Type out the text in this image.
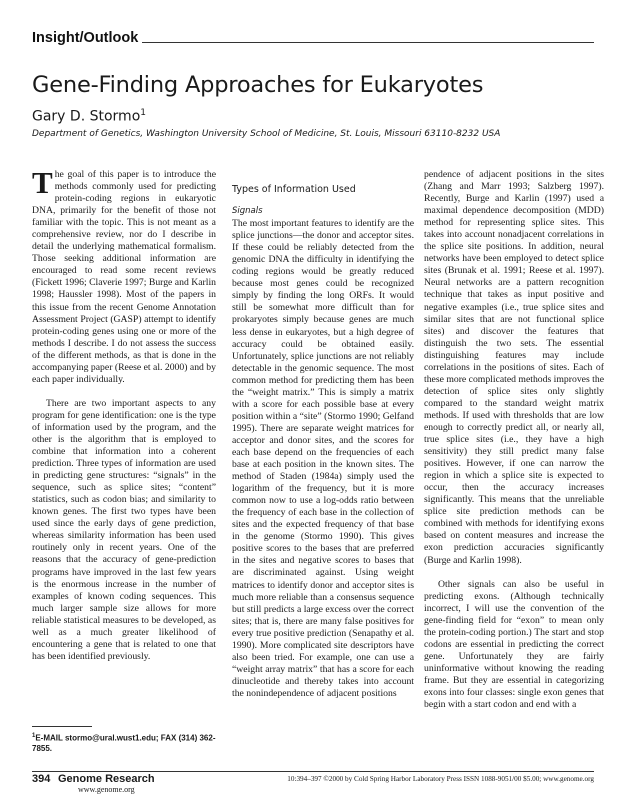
Insight/Outlook
Gene-Finding Approaches for Eukaryotes
Gary D. Stormo$^1$
Department of Genetics, Washington University School of Medicine, St. Louis, Missouri 63110-8232 USA

The goal of this paper is to introduce the methods commonly used for predicting protein-coding regions in eukaryotic DNA, primarily for the benefit of those not familiar with the topic. This is not meant as a comprehensive review, nor do I describe in detail the underlying mathematical formalism. Those seeking additional information are encouraged to read some recent reviews (Fickett 1996; Claverie 1997; Burge and Karlin 1998; Haussler 1998). Most of the papers in this issue from the recent Genome Annotation Assessment Project (GASP) attempt to identify protein-coding genes using one or more of the methods I describe. I do not assess the success of the different methods, as that is done in the accompanying paper (Reese et al. 2000) and by each paper individually.

There are two important aspects to any program for gene identification: one is the type of information used by the program, and the other is the algorithm that is employed to combine that information into a coherent prediction. Three types of information are used in predicting gene structures: “signals” in the sequence, such as splice sites; “content” statistics, such as codon bias; and similarity to known genes. The first two types have been used since the early days of gene prediction, whereas similarity information has been used routinely only in recent years. One of the reasons that the accuracy of gene-prediction programs have improved in the last few years is the enormous increase in the number of examples of known coding sequences. This much larger sample size allows for more reliable statistical measures to be developed, as well as a much greater likelihood of encountering a gene that is related to one that has been identified previously.

$^1$E-MAIL stormo@ural.wust1.edu; FAX (314) 362-7855.
Types of Information Used
Signals

The most important features to identify are the splice junctions—the donor and acceptor sites. If these could be reliably detected from the genomic DNA the difficulty in identifying the coding regions would be greatly reduced because most genes could be recognized simply by finding the long ORFs. It would still be somewhat more difficult than for prokaryotes simply because genes are much less dense in eukaryotes, but a high degree of accuracy could be obtained easily. Unfortunately, splice junctions are not reliably detectable in the genomic sequence. The most common method for predicting them has been the “weight matrix.” This is simply a matrix with a score for each possible base at every position within a “site” (Stormo 1990; Gelfand 1995). There are separate weight matrices for acceptor and donor sites, and the scores for each base depend on the frequencies of each base at each position in the known sites. The method of Staden (1984a) simply used the logarithm of the frequency, but it is more common now to use a log-odds ratio between the frequency of each base in the collection of sites and the expected frequency of that base in the genome (Stormo 1990). This gives positive scores to the bases that are preferred in the sites and negative scores to bases that are discriminated against. Using weight matrices to identify donor and acceptor sites is much more reliable than a consensus sequence but still predicts a large excess over the correct sites; that is, there are many false positives for every true positive prediction (Senapathy et al. 1990). More complicated site descriptors have also been tried. For example, one can use a “weight array matrix” that has a score for each dinucleotide and thereby takes into account the nonindependence of adjacent positions

pendence of adjacent positions in the sites (Zhang and Marr 1993; Salzberg 1997). Recently, Burge and Karlin (1997) used a maximal dependence decomposition (MDD) method for representing splice sites. This takes into account nonadjacent correlations in the splice site positions. In addition, neural networks have been employed to detect splice sites (Brunak et al. 1991; Reese et al. 1997). Neural networks are a pattern recognition technique that takes as input positive and negative examples (i.e., true splice sites and similar sites that are not functional splice sites) and discover the features that distinguish the two sets. The essential distinguishing features may include correlations in the positions of sites. Each of these more complicated methods improves the detection of splice sites only slightly compared to the standard weight matrix methods. If used with thresholds that are low enough to correctly predict all, or nearly all, true splice sites (i.e., they have a high sensitivity) they still predict many false positives. However, if one can narrow the region in which a splice site is expected to occur, then the accuracy increases significantly. This means that the unreliable splice site prediction methods can be combined with methods for identifying exons based on content measures and increase the exon prediction accuracies significantly (Burge and Karlin 1998).

Other signals can also be useful in predicting exons. (Although technically incorrect, I will use the convention of the gene-finding field for “exon” to mean only the protein-coding portion.) The start and stop codons are essential in predicting the correct gene. Unfortunately they are fairly uninformative without knowing the reading frame. But they are essential in categorizing exons into four classes: single exon genes that begin with a start codon and end with a

394 Genome Research
www.genome.org
10:394–397 ©2000 by Cold Spring Harbor Laboratory Press ISSN 1088-9051/00 $5.00; www.genome.org
